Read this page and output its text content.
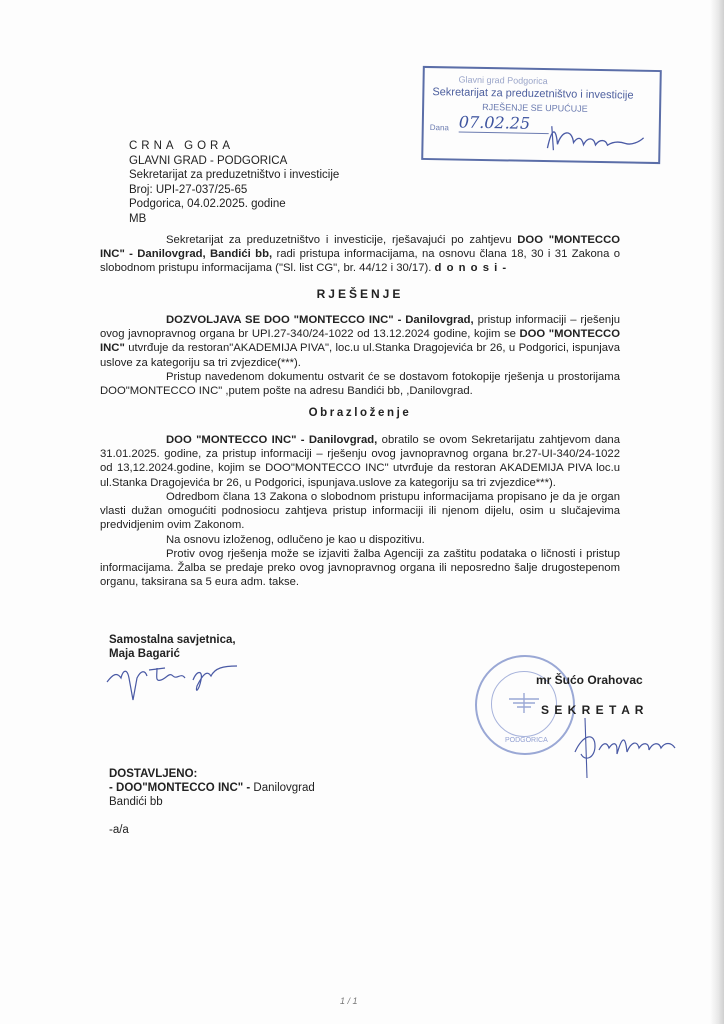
CRNA GORA
GLAVNI GRAD - PODGORICA
Sekretarijat za preduzetništvo i investicije
Broj: UPI-27-037/25-65
Podgorica, 04.02.2025. godine
MB
Glavni grad Podgorica
Sekretarijat za preduzetništvo i investicije
RJEŠENJE SE UPUĆUJE
Dana 07.02.25
Sekretarijat za preduzetništvo i investicije, rješavajući po zahtjevu DOO "MONTECCO INC" - Danilovgrad, Bandići bb, radi pristupa informacijama, na osnovu člana 18, 30 i 31 Zakona o slobodnom pristupu informacijama ("Sl. list CG", br. 44/12 i 30/17). d o n o s i -
RJEŠENJE
DOZVOLJAVA SE DOO "MONTECCO INC" - Danilovgrad, pristup informaciji – rješenju ovog javnopravnog organa br UPI.27-340/24-1022 od 13.12.2024 godine, kojim se DOO "MONTECCO INC" utvrđuje da restoran"AKADEMIJA PIVA", loc.u ul.Stanka Dragojevića br 26, u Podgorici, ispunjava uslove za kategoriju sa tri zvjezdice(***).
Pristup navedenom dokumentu ostvarit će se dostavom fotokopije rješenja u prostorijama DOO"MONTECCO INC" ,putem pošte na adresu Bandići bb, ,Danilovgrad.
Obrazloženje
DOO "MONTECCO INC" - Danilovgrad, obratilo se ovom Sekretarijatu zahtjevom dana 31.01.2025. godine, za pristup informaciji – rješenju ovog javnopravnog organa br.27-UI-340/24-1022 od 13,12.2024.godine, kojim se DOO"MONTECCO INC" utvrđuje da restoran AKADEMIJA PIVA loc.u ul.Stanka Dragojevića br 26, u Podgorici, ispunjava.uslove za kategoriju sa tri zvjezdice***).
Odredbom člana 13 Zakona o slobodnom pristupu informacijama propisano je da je organ vlasti dužan omogućiti podnosiocu zahtjeva pristup informaciji ili njenom dijelu, osim u slučajevima predvidjenim ovim Zakonom.
Na osnovu izloženog, odlučeno je kao u dispozitivu.
Protiv ovog rješenja može se izjaviti žalba Agenciji za zaštitu podataka o ličnosti i pristup informacijama. Žalba se predaje preko ovog javnopravnog organa ili neposredno šalje drugostepenom organu, taksirana sa 5 eura adm. takse.
Samostalna savjetnica,
Maja Bagarić
PODGORICA
mr Šućo Orahovac
S E K R E T A R
DOSTAVLJENO:
- DOO"MONTECCO INC" - Danilovgrad
Bandići bb
-a/a
1 / 1
